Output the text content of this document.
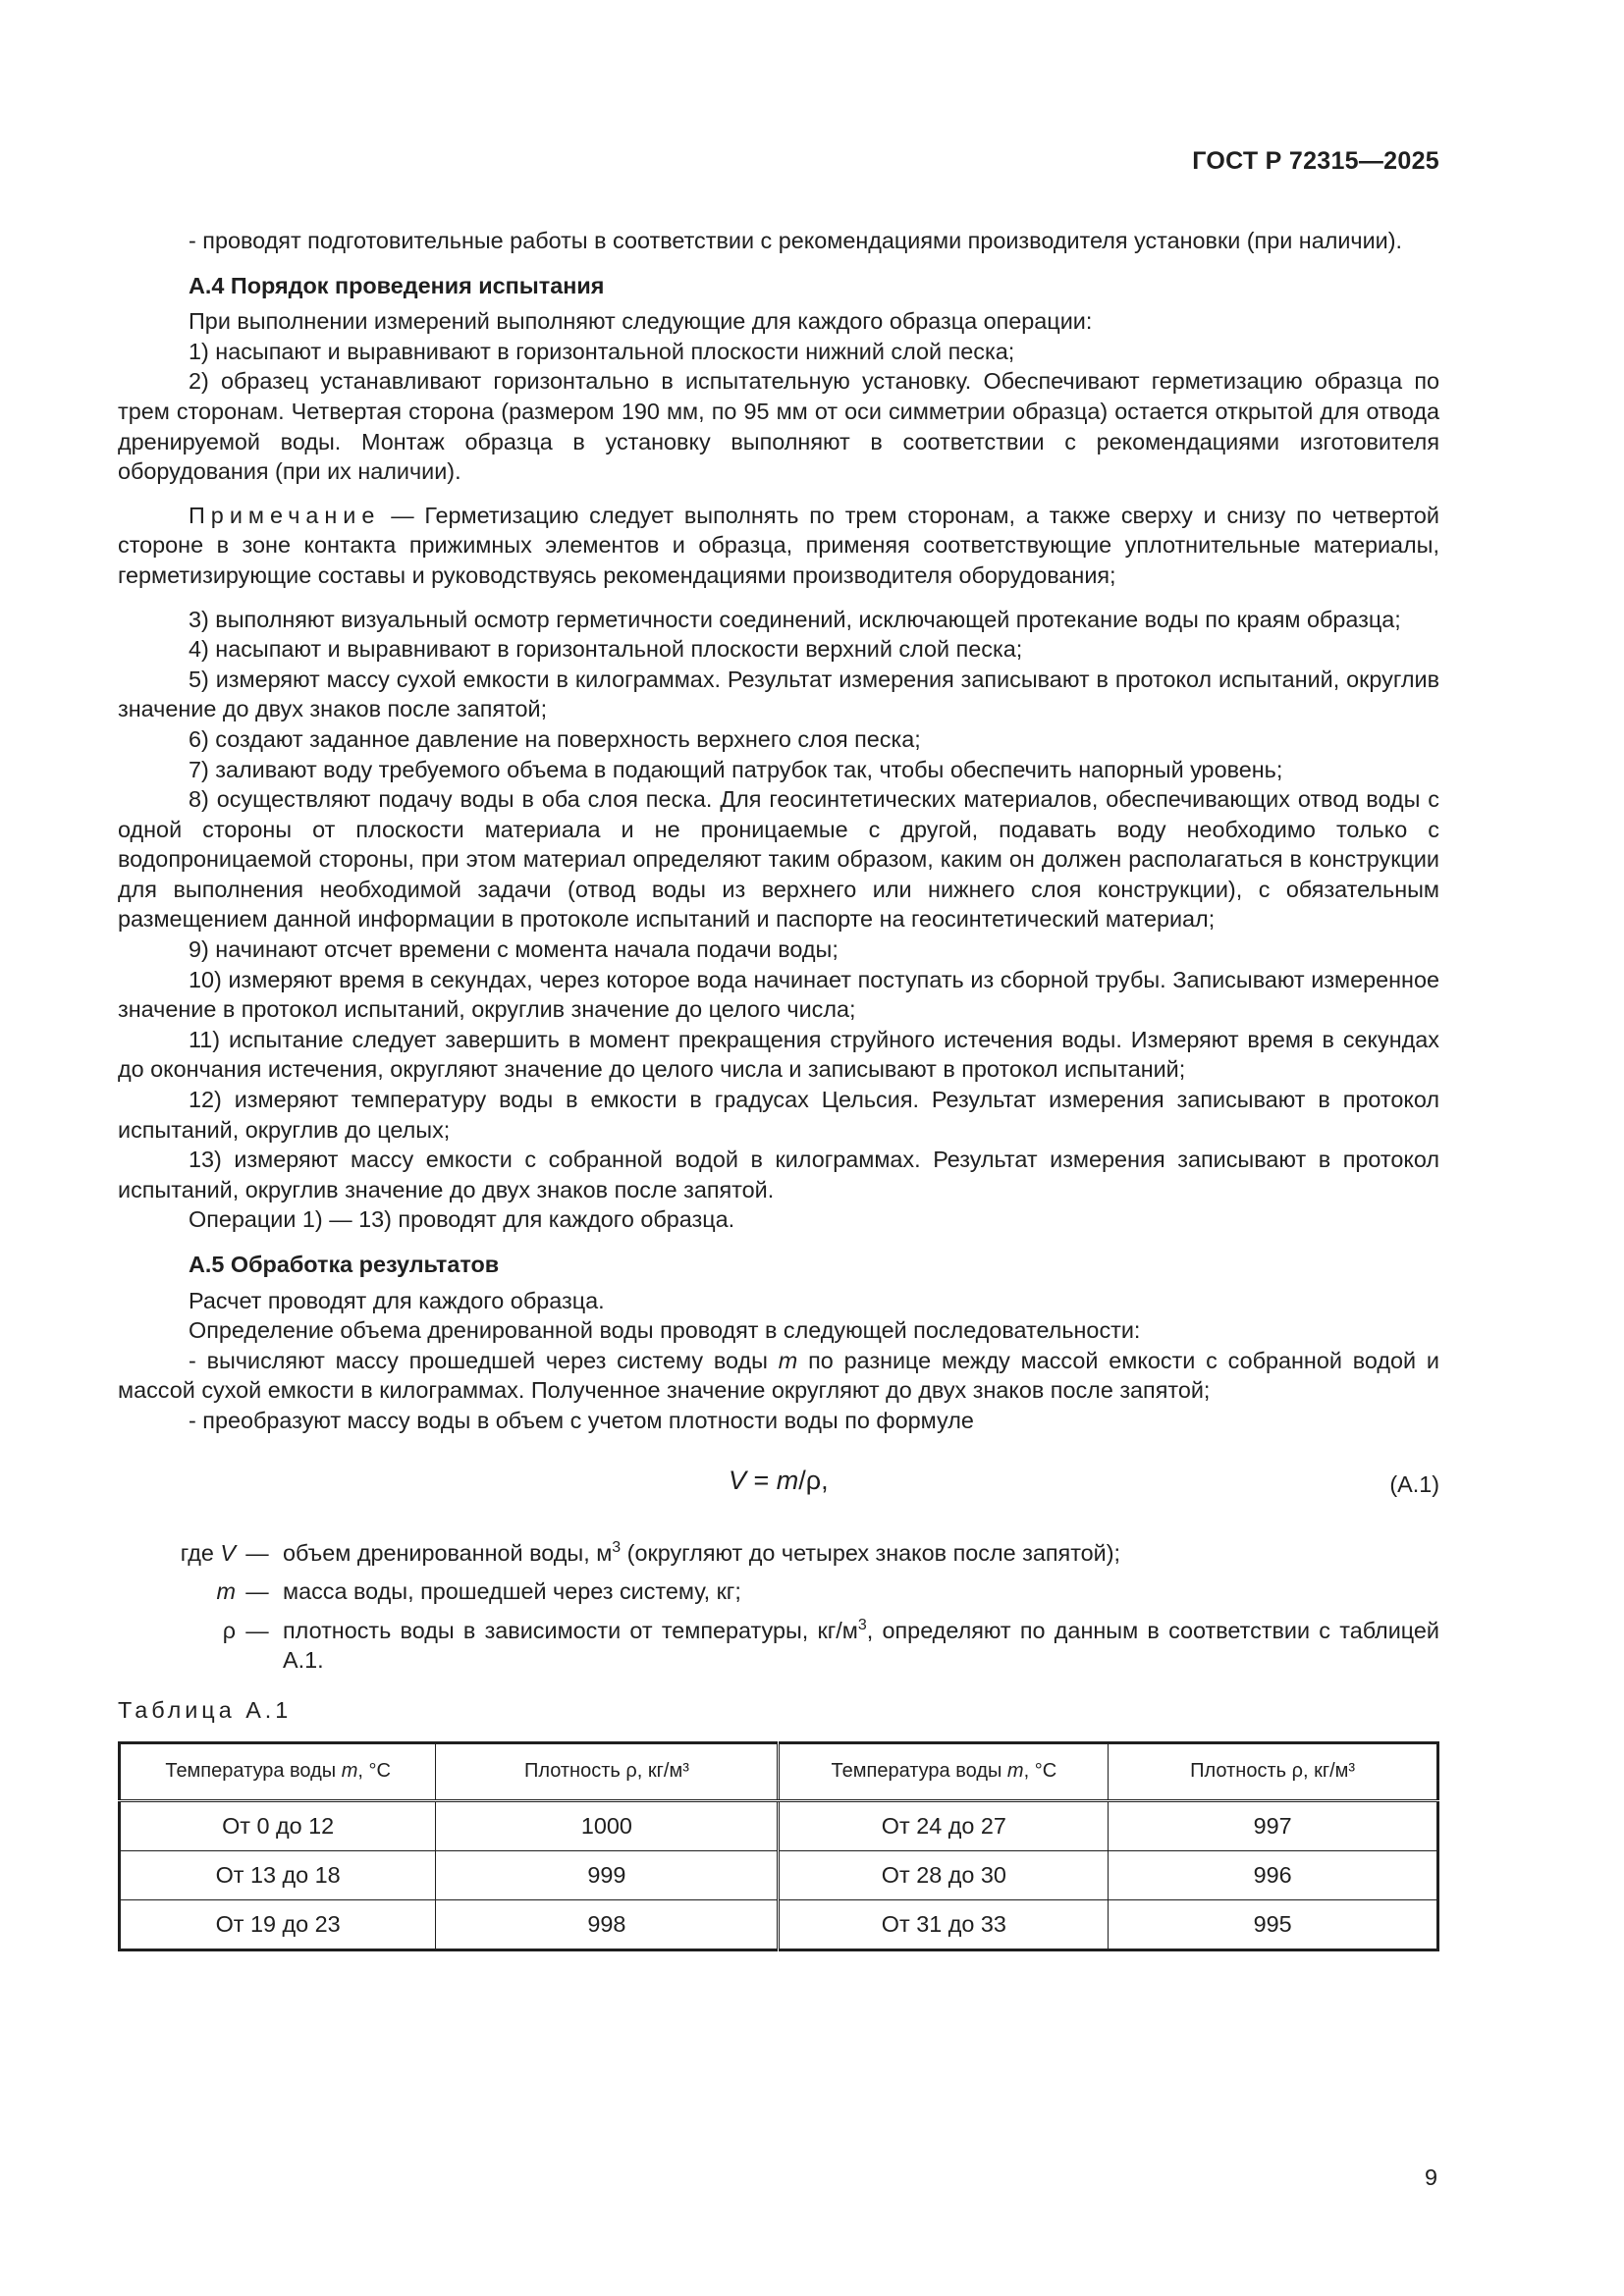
ГОСТ Р 72315—2025

- проводят подготовительные работы в соответствии с рекомендациями производителя установки (при наличии).

А.4 Порядок проведения испытания

При выполнении измерений выполняют следующие для каждого образца операции:

1) насыпают и выравнивают в горизонтальной плоскости нижний слой песка;

2) образец устанавливают горизонтально в испытательную установку. Обеспечивают герметизацию образца по трем сторонам. Четвертая сторона (размером 190 мм, по 95 мм от оси симметрии образца) остается открытой для отвода дренируемой воды. Монтаж образца в установку выполняют в соответствии с рекомендациями изготовителя оборудования (при их наличии).

Примечание — Герметизацию следует выполнять по трем сторонам, а также сверху и снизу по четвертой стороне в зоне контакта прижимных элементов и образца, применяя соответствующие уплотнительные материалы, герметизирующие составы и руководствуясь рекомендациями производителя оборудования;

3) выполняют визуальный осмотр герметичности соединений, исключающей протекание воды по краям образца;

4) насыпают и выравнивают в горизонтальной плоскости верхний слой песка;

5) измеряют массу сухой емкости в килограммах. Результат измерения записывают в протокол испытаний, округлив значение до двух знаков после запятой;

6) создают заданное давление на поверхность верхнего слоя песка;

7) заливают воду требуемого объема в подающий патрубок так, чтобы обеспечить напорный уровень;

8) осуществляют подачу воды в оба слоя песка. Для геосинтетических материалов, обеспечивающих отвод воды с одной стороны от плоскости материала и не проницаемые с другой, подавать воду необходимо только с водопроницаемой стороны, при этом материал определяют таким образом, каким он должен располагаться в конструкции для выполнения необходимой задачи (отвод воды из верхнего или нижнего слоя конструкции), с обязательным размещением данной информации в протоколе испытаний и паспорте на геосинтетический материал;

9) начинают отсчет времени с момента начала подачи воды;

10) измеряют время в секундах, через которое вода начинает поступать из сборной трубы. Записывают измеренное значение в протокол испытаний, округлив значение до целого числа;

11) испытание следует завершить в момент прекращения струйного истечения воды. Измеряют время в секундах до окончания истечения, округляют значение до целого числа и записывают в протокол испытаний;

12) измеряют температуру воды в емкости в градусах Цельсия. Результат измерения записывают в протокол испытаний, округлив до целых;

13) измеряют массу емкости с собранной водой в килограммах. Результат измерения записывают в протокол испытаний, округлив значение до двух знаков после запятой.

Операции 1) — 13) проводят для каждого образца.

А.5 Обработка результатов

Расчет проводят для каждого образца.

Определение объема дренированной воды проводят в следующей последовательности:

- вычисляют массу прошедшей через систему воды m по разнице между массой емкости с собранной водой и массой сухой емкости в килограммах. Полученное значение округляют до двух знаков после запятой;

- преобразуют массу воды в объем с учетом плотности воды по формуле

V = m/ρ,	(А.1)
где V — объем дренированной воды, $м^3$ (округляют до четырех знаков после запятой);
m — масса воды, прошедшей через систему, кг;
ρ — плотность воды в зависимости от температуры, $кг/м^3$, определяют по данным в соответствии с таблицей А.1.
Таблица А.1
Температура воды m, °С	Плотность ρ, кг/м³	Температура воды m, °С	Плотность ρ, кг/м³
От 0 до 12	1000	От 24 до 27	997
От 13 до 18	999	От 28 до 30	996
От 19 до 23	998	От 31 до 33	995
9
